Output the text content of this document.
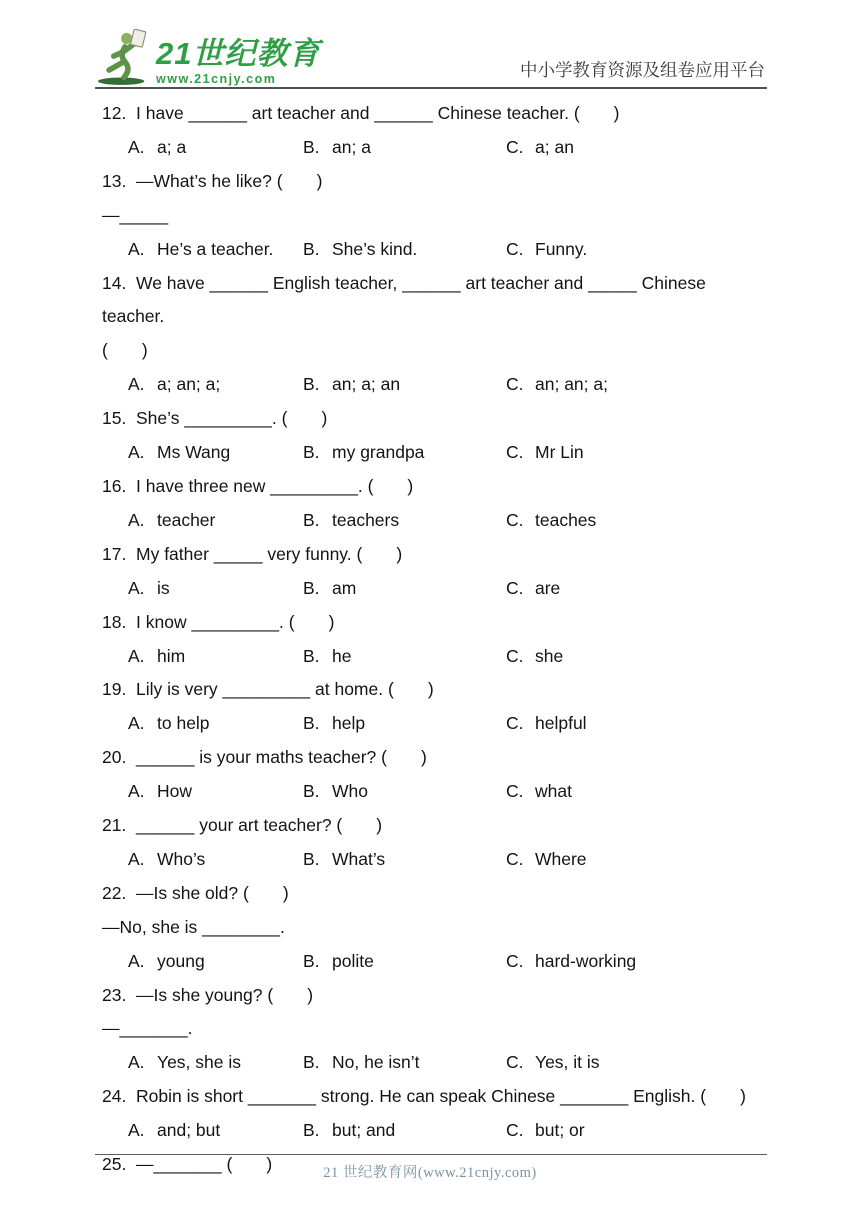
21世纪教育
www.21cnjy.com	中小学教育资源及组卷应用平台
12. I have ______ art teacher and ______ Chinese teacher. (       )
A. a; a	B. an; a	C. a; an
13. —What’s he like? (       )
—_____
A. He’s a teacher.	B. She’s kind.	C. Funny.
14. We have ______ English teacher, ______ art teacher and _____ Chinese teacher.
(       )
A. a; an; a;	B. an; a; an	C. an; an; a;
15. She’s _________. (       )
A. Ms Wang	B. my grandpa	C. Mr Lin
16. I have three new _________. (       )
A. teacher	B. teachers	C. teaches
17. My father _____ very funny. (       )
A. is	B. am	C. are
18. I know _________. (       )
A. him	B. he	C. she
19. Lily is very _________ at home. (       )
A. to help	B. help	C. helpful
20. ______ is your maths teacher? (       )
A. How	B. Who	C. what
21. ______ your art teacher? (       )
A. Who’s	B. What’s	C. Where
22. —Is she old? (       )
—No, she is ________.
A. young	B. polite	C. hard-working
23. —Is she young? (       )
—_______.
A. Yes, she is	B. No, he isn’t	C. Yes, it is
24. Robin is short _______ strong. He can speak Chinese _______ English. (       )
A. and; but	B. but; and	C. but; or
25. —_______ (       )	21 世纪教育网(www.21cnjy.com)
